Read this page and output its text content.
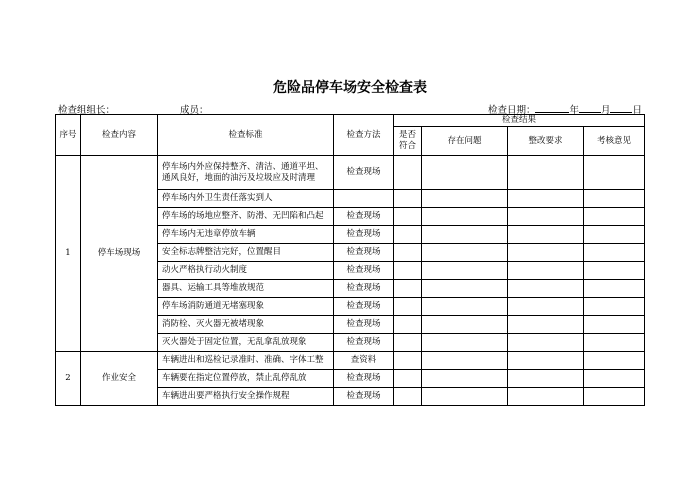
危险品停车场安全检查表
检查组组长：	成员：	检查日期：	年 月 日
序号	检查内容	检查标准	检查方法	检查结果			
				是否符合	存在问题	整改要求	考核意见
1	停车场现场	停车场内外应保持整齐、清洁、通道平坦、通风良好，地面的油污及垃圾应及时清理	检查现场				
		停车场内外卫生责任落实到人					
		停车场的场地应整齐、防滑、无凹陷和凸起	检查现场				
		停车场内无违章停放车辆	检查现场				
		安全标志牌整洁完好，位置醒目	检查现场				
		动火严格执行动火制度	检查现场				
		器具、运输工具等堆放规范	检查现场				
		停车场消防通道无堵塞现象	检查现场				
		消防栓、灭火器无被堵现象	检查现场				
		灭火器处于固定位置，无乱拿乱放现象	检查现场				
2	作业安全	车辆进出和巡检记录准时、准确、字体工整	查资料				
		车辆要在指定位置停放，禁止乱停乱放	检查现场				
		车辆进出要严格执行安全操作规程	检查现场				
